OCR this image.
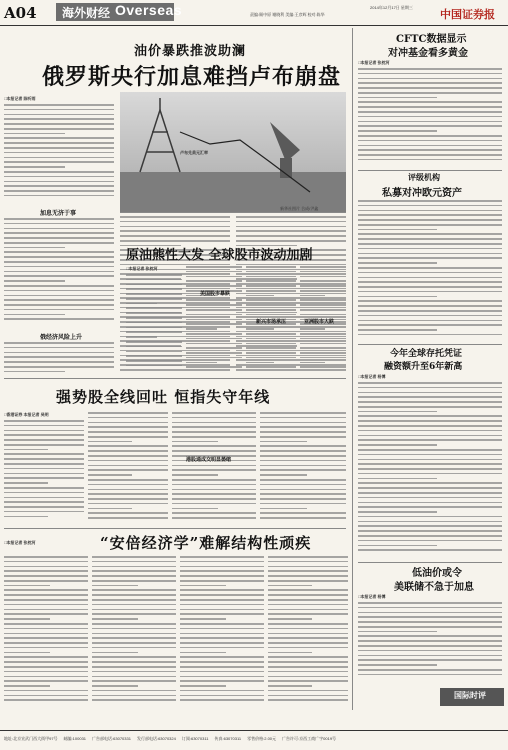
A04 海外财经 Overseas	责编:顾中原 谢晓利 美编:王彦辉 校对:陈华
2014年12月17日 星期三
中国证券报
油价暴跌推波助澜
俄罗斯央行加息难挡卢布崩盘
□本报记者 陈听雨
加息无济于事
俄经济风险上升
卢布兑美元汇率
新华社图片 合成/尹鑫
原油熊性大发 全球股市波动加剧
□本报记者 张枕河
美国股市暴跌
新兴市场承压	亚洲股市大跌
CFTC数据显示
对冲基金看多黄金
□本报记者 张枕河
评级机构
私募对冲欧元资产
今年全球存托凭证
融资额升至6年新高
□本报记者 杨博
低油价或令
美联储不急于加息
□本报记者 杨博
国际时评
强势股全线回吐 恒指失守年线
□香港证券 本报记者 吴明
港股通成交明显萎缩
□本报记者 张枕河	“安倍经济学”难解结构性顽疾
地址:北京宣武门西大街甲97号 邮编:100031 广告部电话:63070331 发行部电话:63070324 订阅:63070311 传真:63070311 零售价格:2.00元 广告许可:京西工商广字0019号
